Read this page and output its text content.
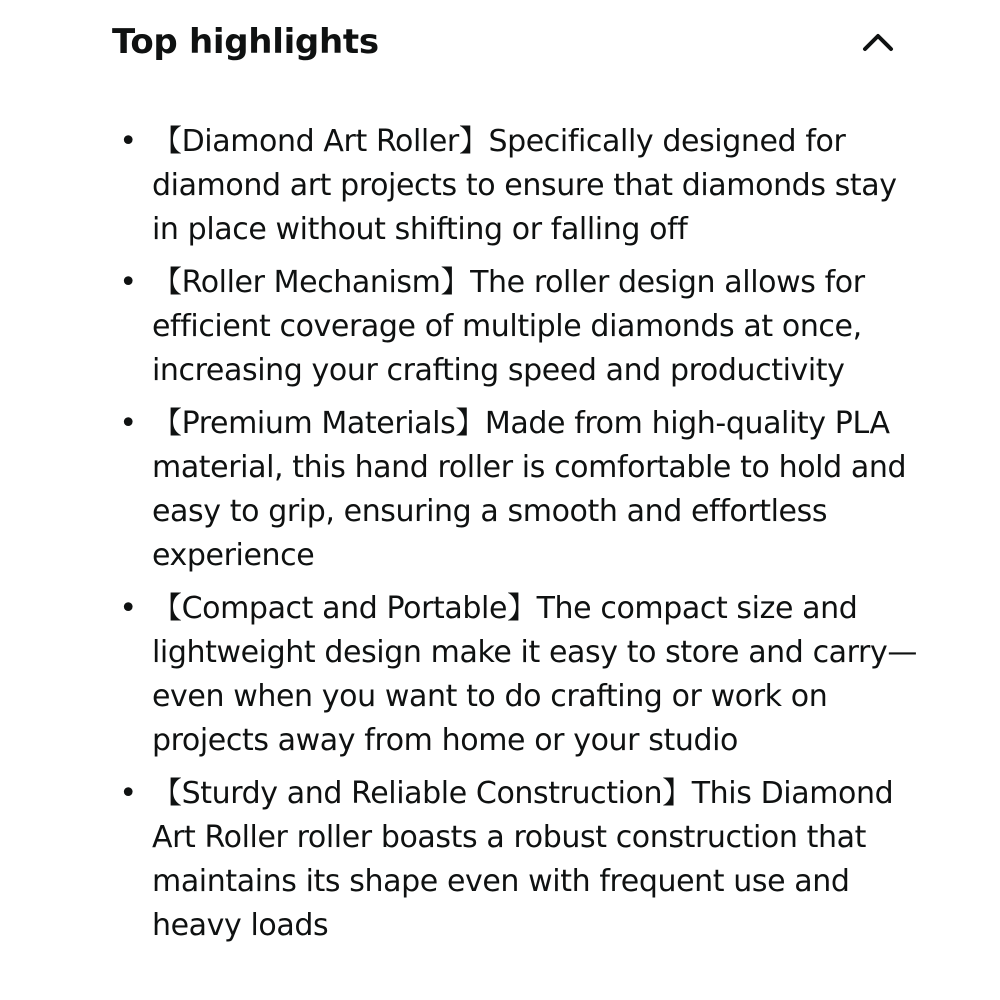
Top highlights
• 【Diamond Art Roller】Specifically designed for diamond art projects to ensure that diamonds stay in place without shifting or falling off
• 【Roller Mechanism】The roller design allows for efficient coverage of multiple diamonds at once, increasing your crafting speed and productivity
• 【Premium Materials】Made from high-quality PLA material, this hand roller is comfortable to hold and easy to grip, ensuring a smooth and effortless experience
• 【Compact and Portable】The compact size and lightweight design make it easy to store and carry—even when you want to do crafting or work on projects away from home or your studio
• 【Sturdy and Reliable Construction】This Diamond Art Roller roller boasts a robust construction that maintains its shape even with frequent use and heavy loads
